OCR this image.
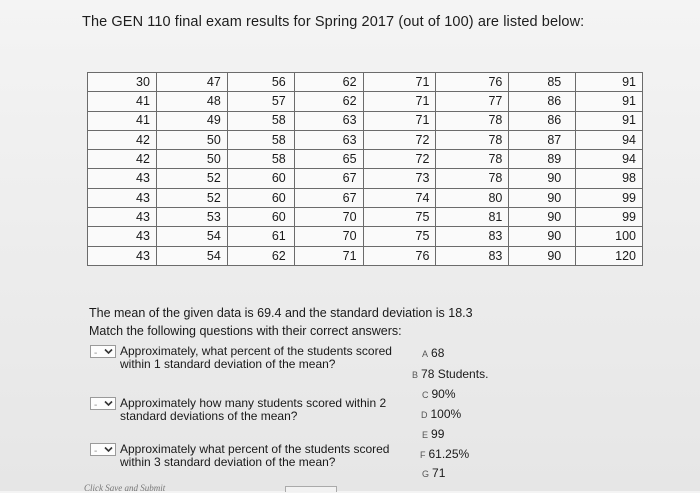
The GEN 110 final exam results for Spring 2017 (out of 100) are listed below:
30
41
41
42
42
43
43
43
43
43
47
48
49
50
50
52
52
53
54
54
56
57
58
58
58
60
60
60
61
62
62
62
63
63
65
67
67
70
70
71
71
71
71
72
72
73
74
75
75
76
76
77
78
78
78
78
80
81
83
83
85
86
86
87
89
90
90
90
90
90
91
91
91
94
94
98
99
99
100
120
The mean of the given data is 69.4 and the standard deviation is 18.3
Match the following questions with their correct answers:
- Approximately, what percent of the students scored
within 1 standard deviation of the mean?
- Approximately how many students scored within 2
standard deviations of the mean?
- Approximately what percent of the students scored
within 3 standard deviation of the mean?
A 68
B 78 Students.
C 90%
D 100%
E 99
F 61.25%
G 71
Click Save and Submit
